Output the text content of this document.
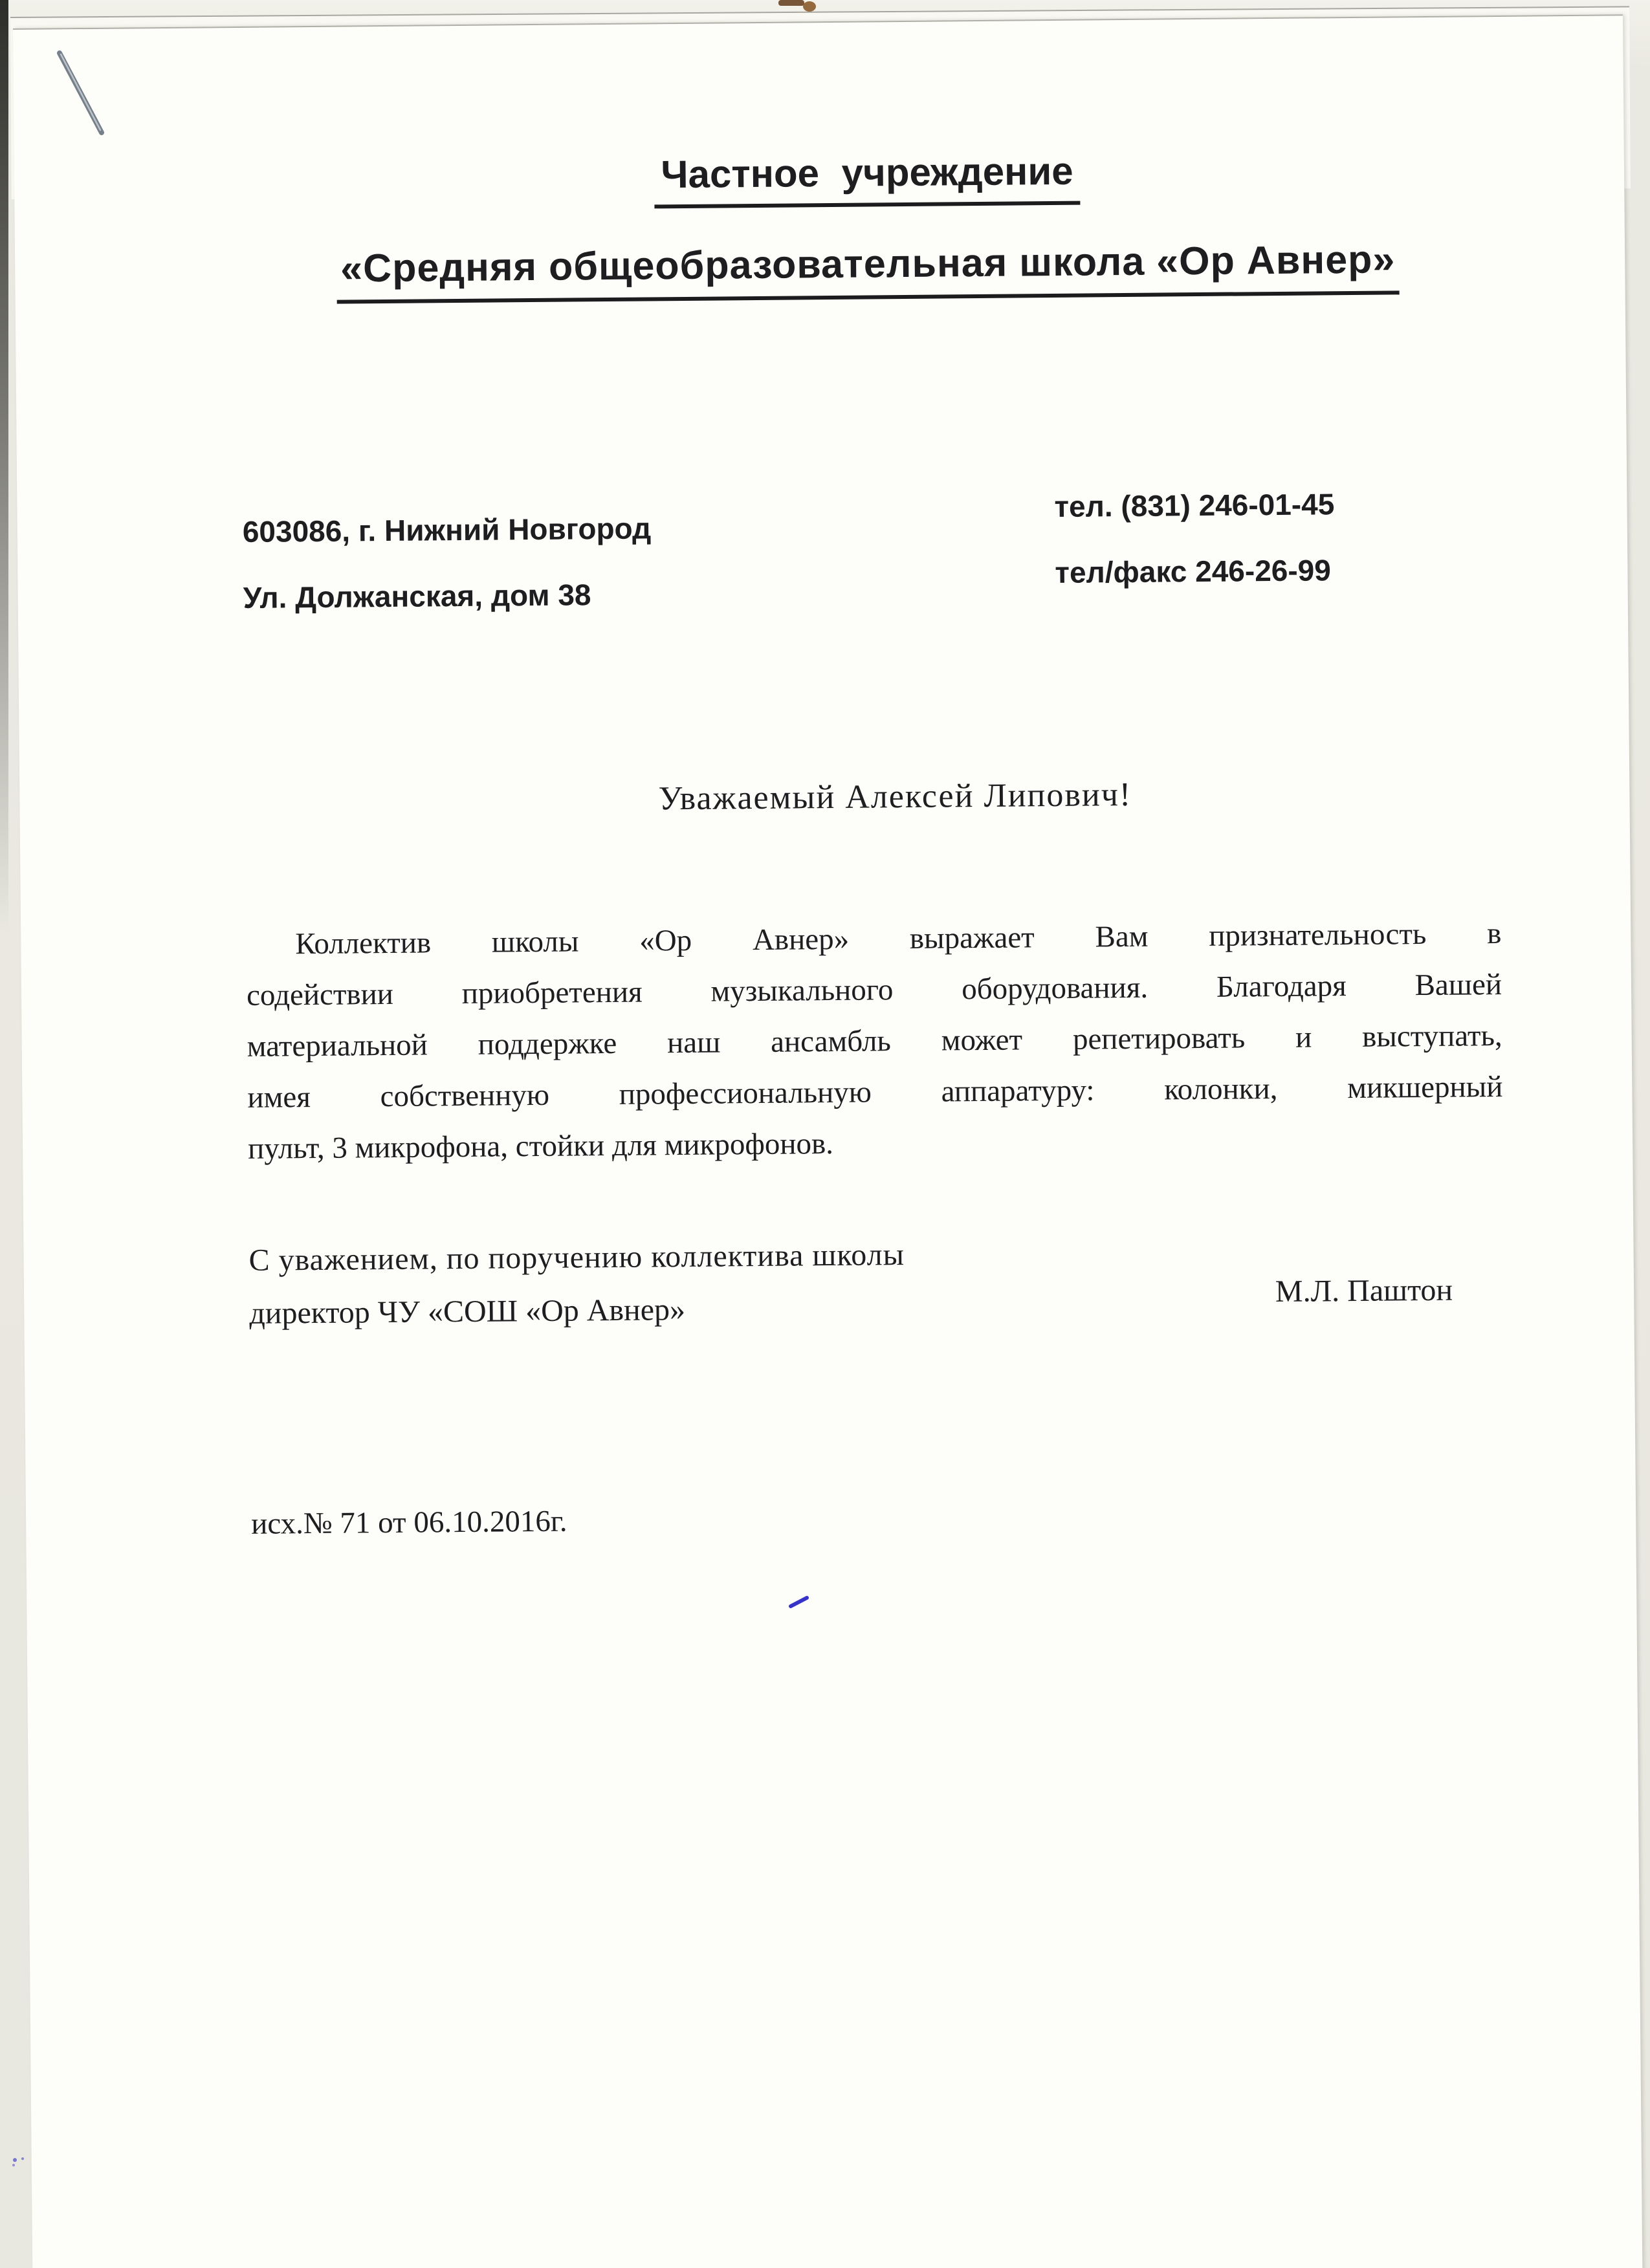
Частное учреждение
«Средняя общеобразовательная школа «Ор Авнер»
603086, г. Нижний Новгород
Ул. Должанская, дом 38
тел. (831) 246-01-45
тел/факс 246-26-99
Уважаемый Алексей Липович!
Коллектив школы «Ор Авнер» выражает Вам признательность в
содействии приобретения музыкального оборудования. Благодаря Вашей
материальной поддержке наш ансамбль может репетировать и выступать,
имея собственную профессиональную аппаратуру: колонки, микшерный
пульт, 3 микрофона, стойки для микрофонов.
С уважением, по поручению коллектива школы
директор ЧУ «СОШ «Ор Авнер»
М.Л. Паштон
исх.№ 71 от 06.10.2016г.
